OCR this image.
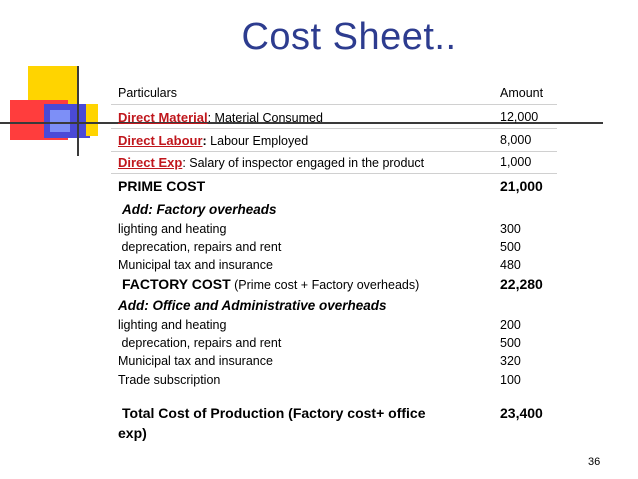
Cost Sheet..
Particulars	Amount
Direct Material: Material Consumed	12,000
Direct Labour: Labour Employed	8,000
Direct Exp: Salary of inspector engaged in the product	1,000
PRIME COST	21,000
Add: Factory overheads
lighting and heating	300
deprecation, repairs and rent	500
Municipal tax and insurance	480
FACTORY COST (Prime cost + Factory overheads)	22,280
Add: Office and Administrative overheads
lighting and heating	200
deprecation, repairs and rent	500
Municipal tax and insurance	320
Trade subscription	100
Total Cost of Production (Factory cost+ office	23,400
exp)
36
